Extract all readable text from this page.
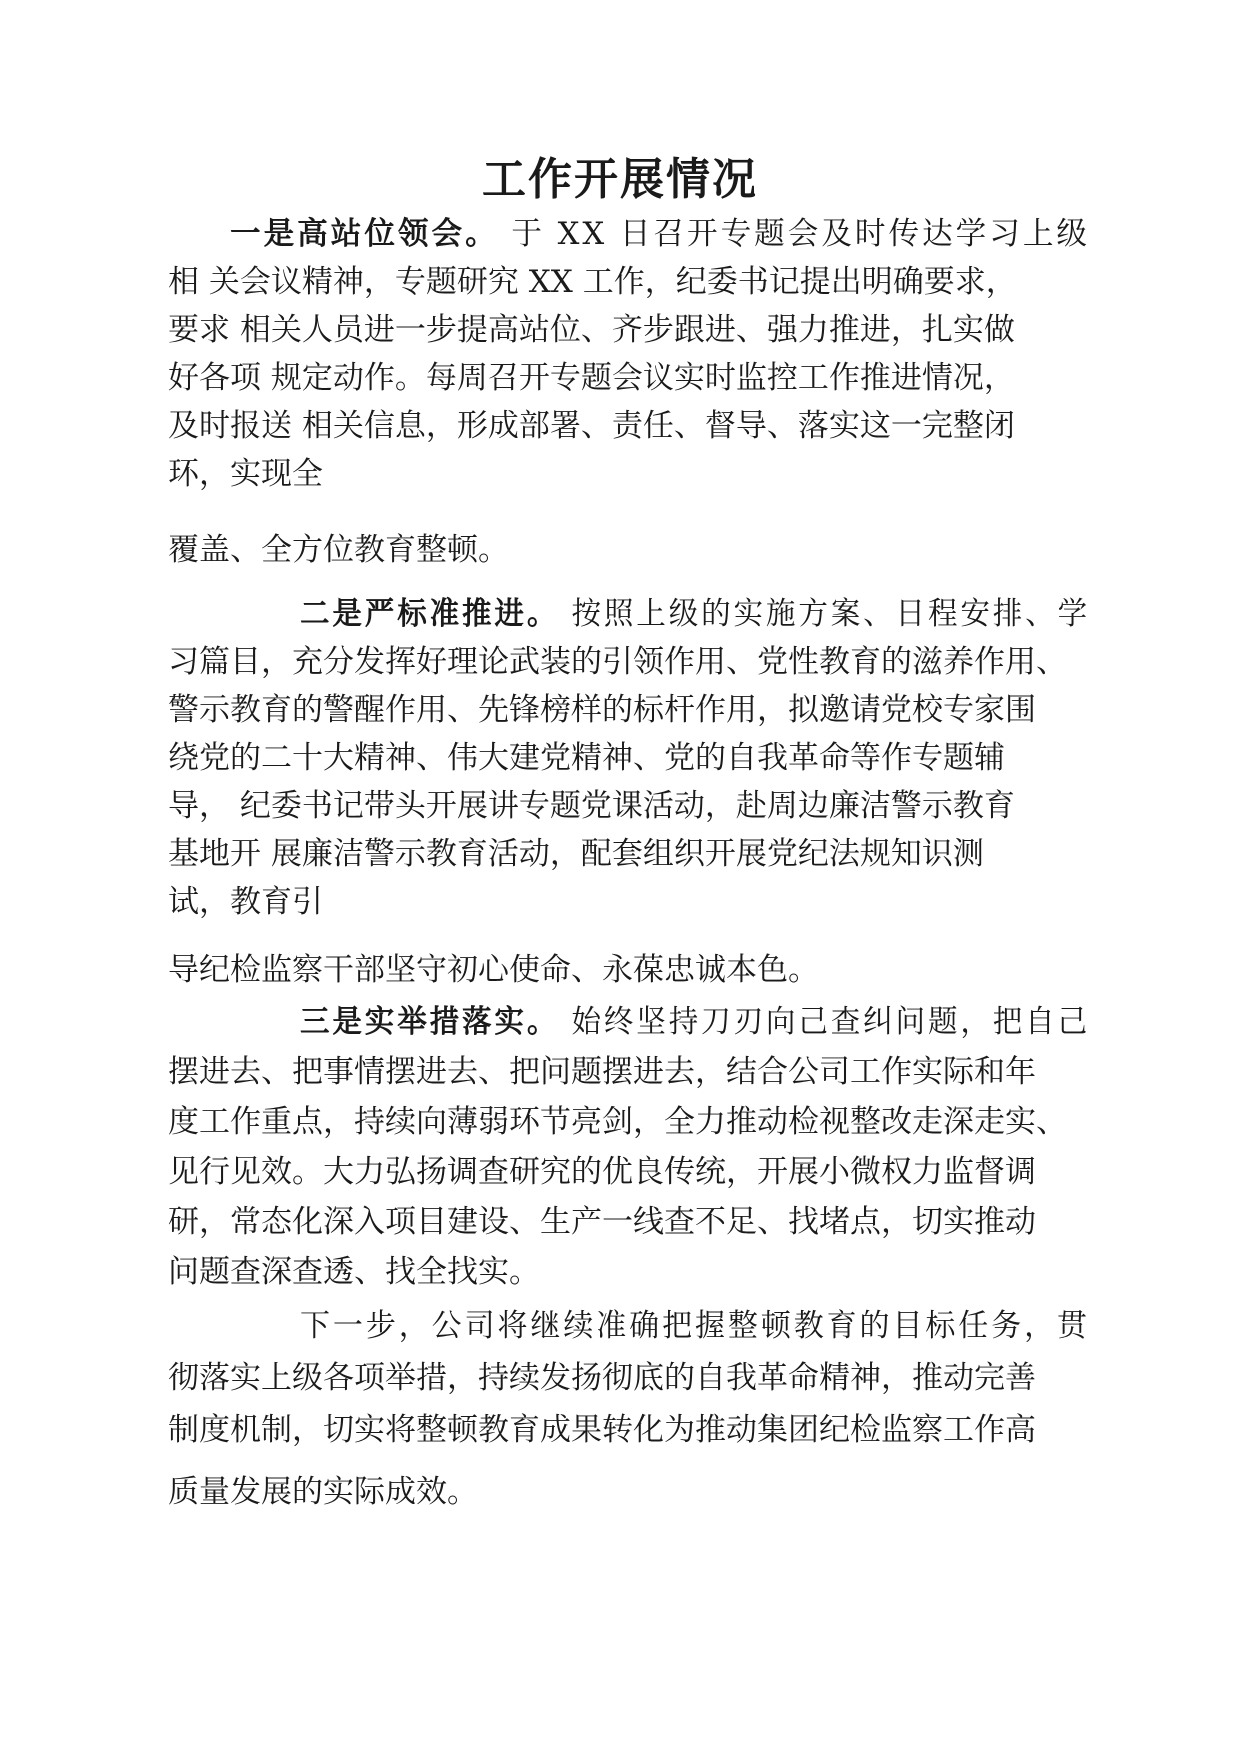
工作开展情况
一是高站位领会。 于 XX 日召开专题会及时传达学习上级
相 关会议精神，专题研究 XX 工作，纪委书记提出明确要求，
要求 相关人员进一步提高站位、齐步跟进、强力推进，扎实做
好各项 规定动作。每周召开专题会议实时监控工作推进情况，
及时报送 相关信息，形成部署、责任、督导、落实这一完整闭
环，实现全
覆盖、全方位教育整顿。
二是严标准推进。 按照上级的实施方案、日程安排、学
习篇目，充分发挥好理论武装的引领作用、党性教育的滋养作用、
警示教育的警醒作用、先锋榜样的标杆作用，拟邀请党校专家围
绕党的二十大精神、伟大建党精神、党的自我革命等作专题辅
导， 纪委书记带头开展讲专题党课活动，赴周边廉洁警示教育
基地开 展廉洁警示教育活动，配套组织开展党纪法规知识测
试，教育引
导纪检监察干部坚守初心使命、永葆忠诚本色。
三是实举措落实。 始终坚持刀刃向己查纠问题，把自己
摆进去、把事情摆进去、把问题摆进去，结合公司工作实际和年
度工作重点，持续向薄弱环节亮剑，全力推动检视整改走深走实、
见行见效。大力弘扬调查研究的优良传统，开展小微权力监督调
研，常态化深入项目建设、生产一线查不足、找堵点，切实推动
问题查深查透、找全找实。
下一步，公司将继续准确把握整顿教育的目标任务，贯
彻落实上级各项举措，持续发扬彻底的自我革命精神，推动完善
制度机制，切实将整顿教育成果转化为推动集团纪检监察工作高
质量发展的实际成效。
